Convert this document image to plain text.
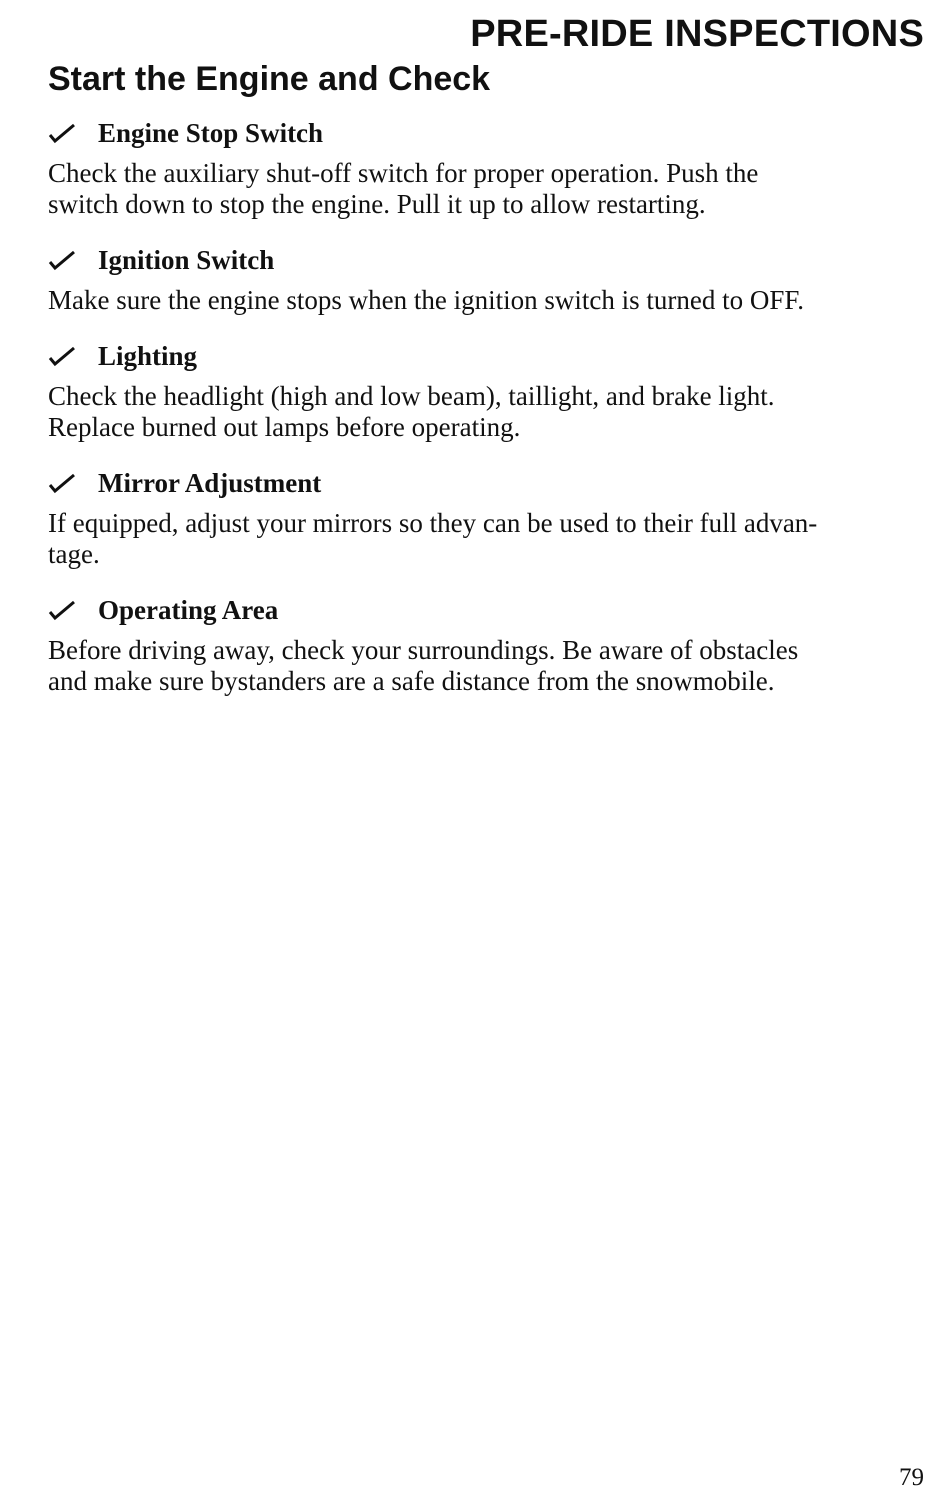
PRE-RIDE INSPECTIONS
Start the Engine and Check
Engine Stop Switch
Check the auxiliary shut-off switch for proper operation. Push the
switch down to stop the engine. Pull it up to allow restarting.
Ignition Switch
Make sure the engine stops when the ignition switch is turned to OFF.
Lighting
Check the headlight (high and low beam), taillight, and brake light.
Replace burned out lamps before operating.
Mirror Adjustment
If equipped, adjust your mirrors so they can be used to their full advan-
tage.
Operating Area
Before driving away, check your surroundings. Be aware of obstacles
and make sure bystanders are a safe distance from the snowmobile.
79
